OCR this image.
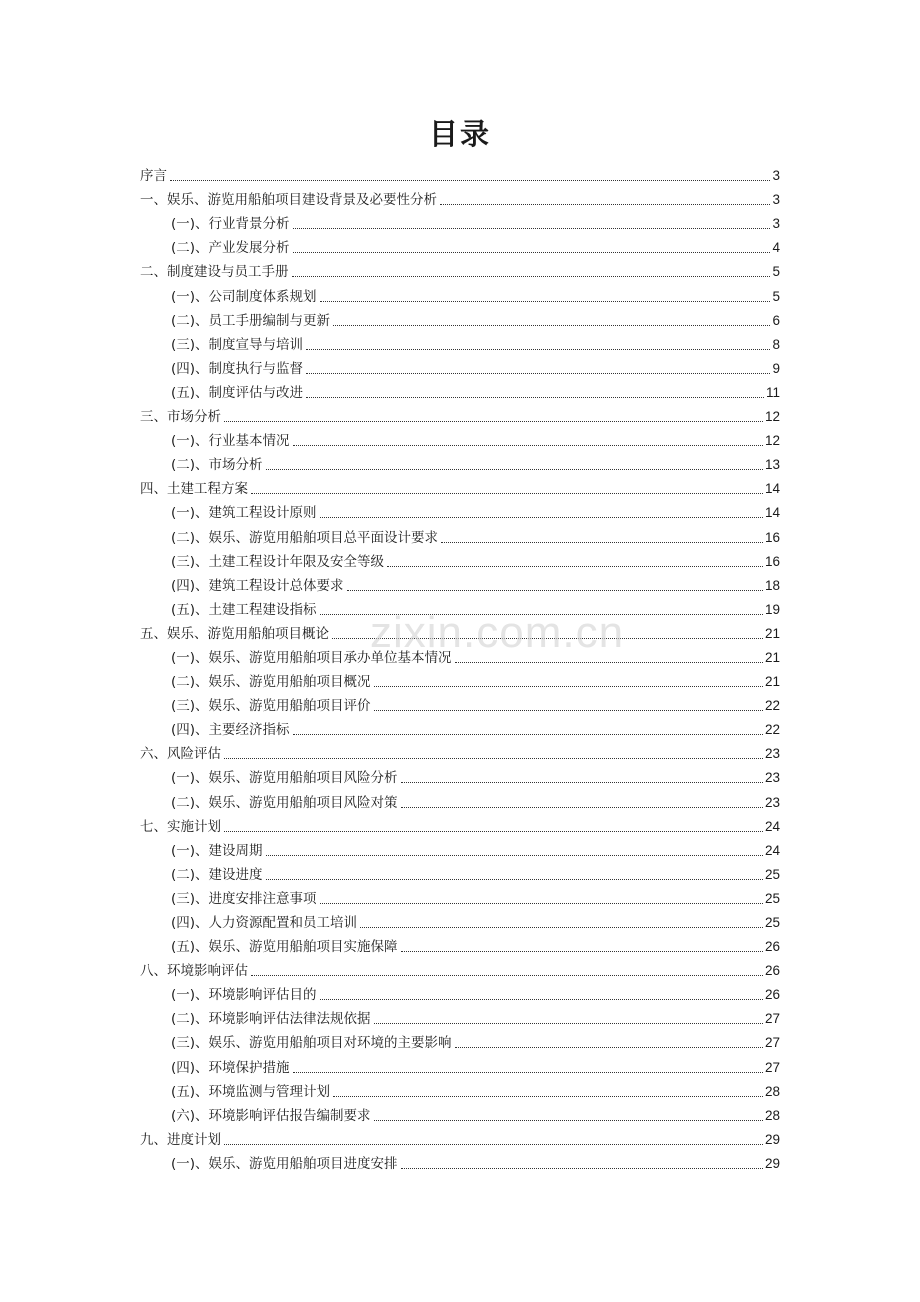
目录
序言	3
一、娱乐、游览用船舶项目建设背景及必要性分析	3
(一)、行业背景分析	3
(二)、产业发展分析	4
二、制度建设与员工手册	5
(一)、公司制度体系规划	5
(二)、员工手册编制与更新	6
(三)、制度宣导与培训	8
(四)、制度执行与监督	9
(五)、制度评估与改进	11
三、市场分析	12
(一)、行业基本情况	12
(二)、市场分析	13
四、土建工程方案	14
(一)、建筑工程设计原则	14
(二)、娱乐、游览用船舶项目总平面设计要求	16
(三)、土建工程设计年限及安全等级	16
(四)、建筑工程设计总体要求	18
(五)、土建工程建设指标	19
五、娱乐、游览用船舶项目概论	21
(一)、娱乐、游览用船舶项目承办单位基本情况	21
(二)、娱乐、游览用船舶项目概况	21
(三)、娱乐、游览用船舶项目评价	22
(四)、主要经济指标	22
六、风险评估	23
(一)、娱乐、游览用船舶项目风险分析	23
(二)、娱乐、游览用船舶项目风险对策	23
七、实施计划	24
(一)、建设周期	24
(二)、建设进度	25
(三)、进度安排注意事项	25
(四)、人力资源配置和员工培训	25
(五)、娱乐、游览用船舶项目实施保障	26
八、环境影响评估	26
(一)、环境影响评估目的	26
(二)、环境影响评估法律法规依据	27
(三)、娱乐、游览用船舶项目对环境的主要影响	27
(四)、环境保护措施	27
(五)、环境监测与管理计划	28
(六)、环境影响评估报告编制要求	28
九、进度计划	29
(一)、娱乐、游览用船舶项目进度安排	29
zixin.com.cn
